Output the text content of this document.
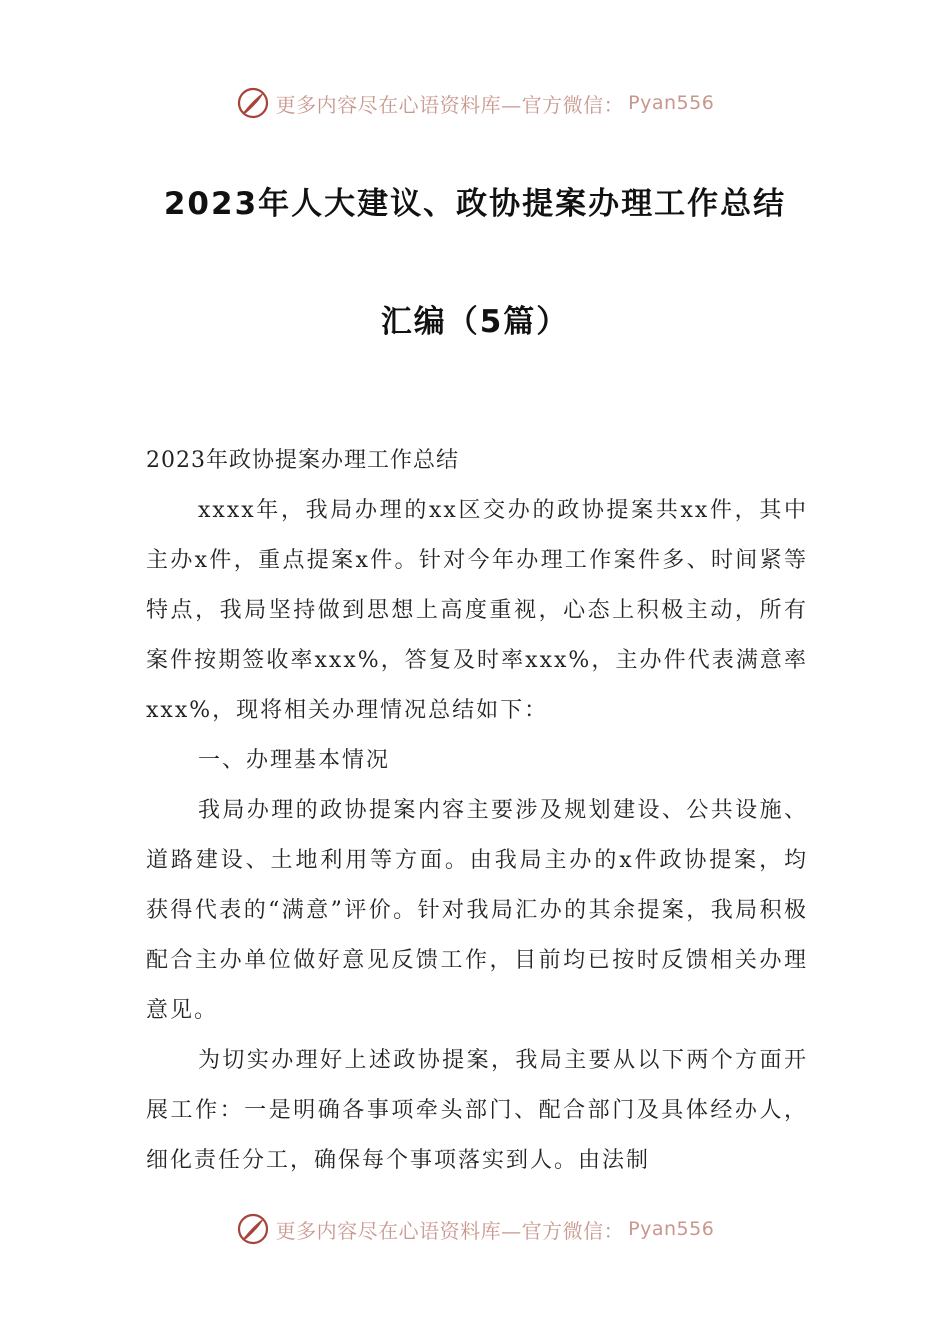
更多内容尽在心语资料库—官方微信： Pyan556
2023年人大建议、政协提案办理工作总结
汇编（5篇）

2023年政协提案办理工作总结

xxxx年，我局办理的xx区交办的政协提案共xx件，其中主办x件，重点提案x件。针对今年办理工作案件多、时间紧等特点，我局坚持做到思想上高度重视，心态上积极主动，所有案件按期签收率xxx%，答复及时率xxx%，主办件代表满意率xxx%，现将相关办理情况总结如下：

一、办理基本情况

我局办理的政协提案内容主要涉及规划建设、公共设施、道路建设、土地利用等方面。由我局主办的x件政协提案，均获得代表的“满意”评价。针对我局汇办的其余提案，我局积极配合主办单位做好意见反馈工作，目前均已按时反馈相关办理意见。

为切实办理好上述政协提案，我局主要从以下两个方面开展工作：一是明确各事项牵头部门、配合部门及具体经办人，细化责任分工，确保每个事项落实到人。由法制

更多内容尽在心语资料库—官方微信： Pyan556
